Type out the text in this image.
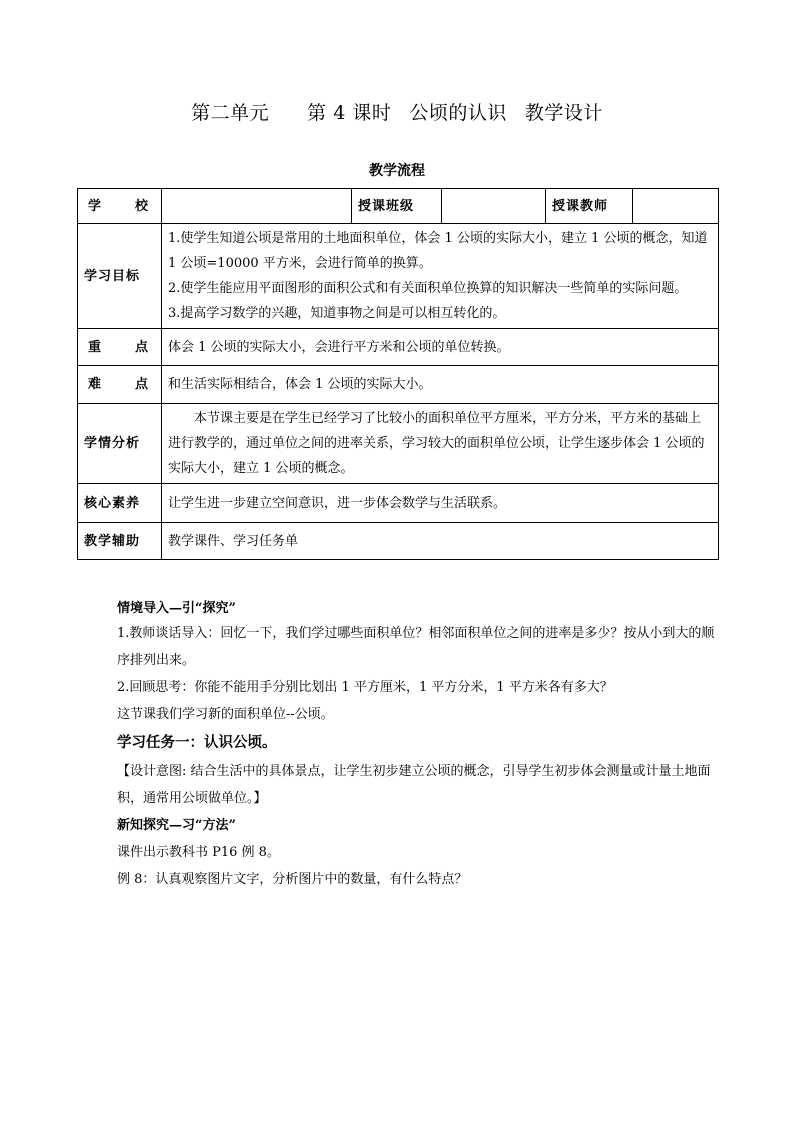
第二单元 第 4 课时 公顷的认识 教学设计
教学流程
学 校		授课班级		授课教师	
学习目标	1.使学生知道公顷是常用的土地面积单位，体会 1 公顷的实际大小，建立 1 公顷的概念，知道 1 公顷=10000 平方米，会进行简单的换算。

2.使学生能应用平面图形的面积公式和有关面积单位换算的知识解决一些简单的实际问题。

3.提高学习数学的兴趣，知道事物之间是可以相互转化的。				

重 点	体会 1 公顷的实际大小，会进行平方米和公顷的单位转换。				

难 点	和生活实际相结合，体会 1 公顷的实际大小。				
学情分析	本节课主要是在学生已经学习了比较小的面积单位平方厘米，平方分米，平方米的基础上进行教学的，通过单位之间的进率关系，学习较大的面积单位公顷，让学生逐步体会 1 公顷的实际大小，建立 1 公顷的概念。				

核心素养	让学生进一步建立空间意识，进一步体会数学与生活联系。				
教学辅助	教学课件、学习任务单				

情境导入—引“探究”

1.教师谈话导入：回忆一下，我们学过哪些面积单位？相邻面积单位之间的进率是多少？按从小到大的顺序排列出来。

2.回顾思考：你能不能用手分别比划出 1 平方厘米，1 平方分米，1 平方米各有多大？

这节课我们学习新的面积单位--公顷。

学习任务一：认识公顷。

【设计意图: 结合生活中的具体景点，让学生初步建立公顷的概念，引导学生初步体会测量或计量土地面积，通常用公顷做单位。】

新知探究—习“方法”

课件出示教科书 P16 例 8。

例 8：认真观察图片文字，分析图片中的数量，有什么特点？
